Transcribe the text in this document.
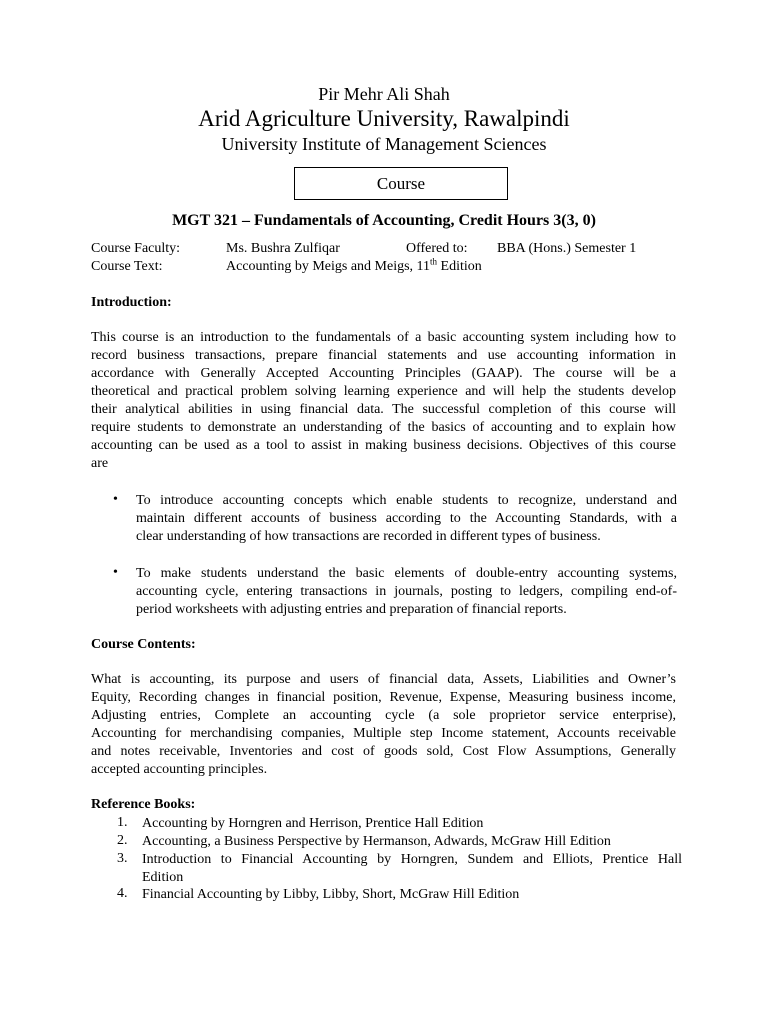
Pir Mehr Ali Shah
Arid Agriculture University, Rawalpindi
University Institute of Management Sciences
Course
MGT 321 – Fundamentals of Accounting, Credit Hours 3(3, 0)
Course Faculty:	Ms. Bushra Zulfiqar	Offered to: BBA (Hons.) Semester 1
Course Text:	Accounting by Meigs and Meigs, 11th Edition
Introduction:
This course is an introduction to the fundamentals of a basic accounting system including how to
record business transactions, prepare financial statements and use accounting information in
accordance with Generally Accepted Accounting Principles (GAAP). The course will be a
theoretical and practical problem solving learning experience and will help the students develop
their analytical abilities in using financial data. The successful completion of this course will
require students to demonstrate an understanding of the basics of accounting and to explain how
accounting can be used as a tool to assist in making business decisions. Objectives of this course
are
• To introduce accounting concepts which enable students to recognize, understand and
maintain different accounts of business according to the Accounting Standards, with a
clear understanding of how transactions are recorded in different types of business.
• To make students understand the basic elements of double-entry accounting systems,
accounting cycle, entering transactions in journals, posting to ledgers, compiling end-of-
period worksheets with adjusting entries and preparation of financial reports.
Course Contents:
What is accounting, its purpose and users of financial data, Assets, Liabilities and Owner’s
Equity, Recording changes in financial position, Revenue, Expense, Measuring business income,
Adjusting entries, Complete an accounting cycle (a sole proprietor service enterprise),
Accounting for merchandising companies, Multiple step Income statement, Accounts receivable
and notes receivable, Inventories and cost of goods sold, Cost Flow Assumptions, Generally
accepted accounting principles.
Reference Books:
1. Accounting by Horngren and Herrison, Prentice Hall Edition
2. Accounting, a Business Perspective by Hermanson, Adwards, McGraw Hill Edition
3. Introduction to Financial Accounting by Horngren, Sundem and Elliots, Prentice Hall
Edition
4. Financial Accounting by Libby, Libby, Short, McGraw Hill Edition
